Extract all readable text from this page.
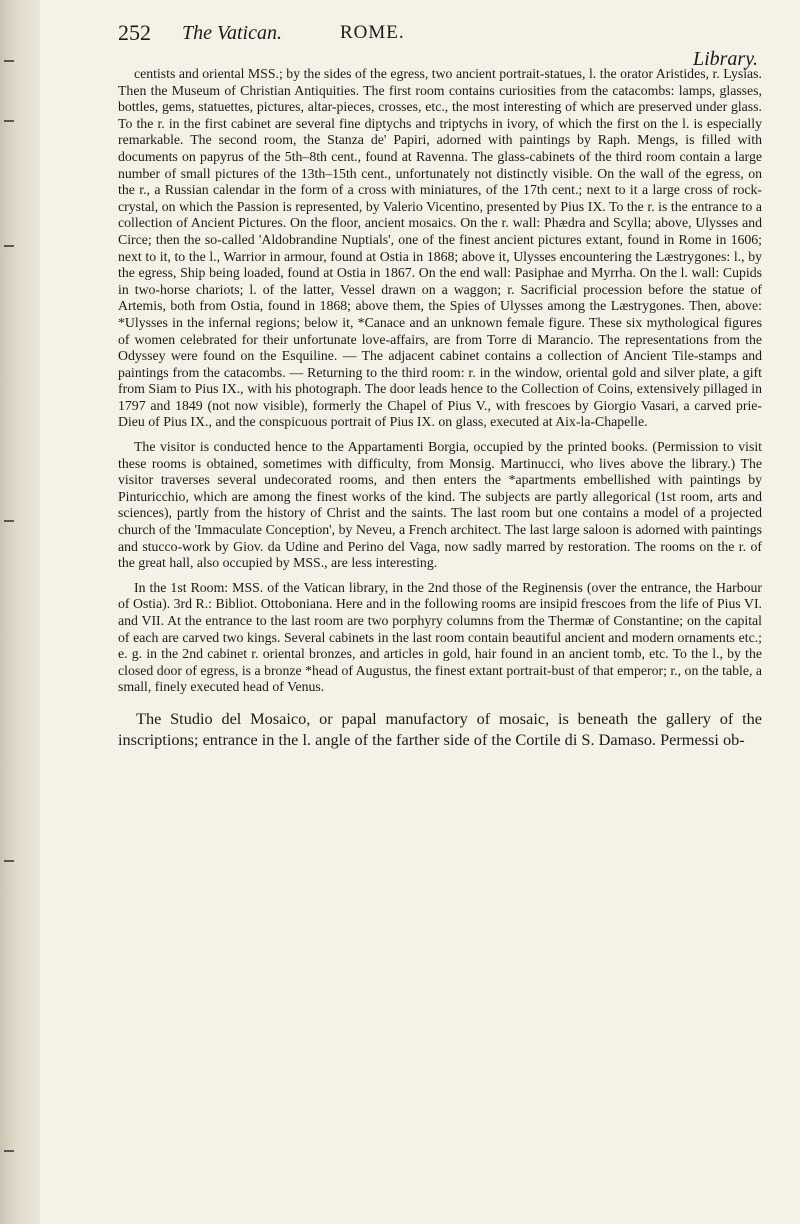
252 The Vatican.	ROME.
Library.

centists and oriental MSS.; by the sides of the egress, two ancient portrait-statues, l. the orator Aristides, r. Lysias. Then the Museum of Christian Antiquities. The first room contains curiosities from the catacombs: lamps, glasses, bottles, gems, statuettes, pictures, altar-pieces, crosses, etc., the most interesting of which are preserved under glass. To the r. in the first cabinet are several fine diptychs and triptychs in ivory, of which the first on the l. is especially remarkable. The second room, the Stanza de' Papiri, adorned with paintings by Raph. Mengs, is filled with documents on papyrus of the 5th–8th cent., found at Ravenna. The glass-cabinets of the third room contain a large number of small pictures of the 13th–15th cent., unfortunately not distinctly visible. On the wall of the egress, on the r., a Russian calendar in the form of a cross with miniatures, of the 17th cent.; next to it a large cross of rock-crystal, on which the Passion is represented, by Valerio Vicentino, presented by Pius IX. To the r. is the entrance to a collection of Ancient Pictures. On the floor, ancient mosaics. On the r. wall: Phædra and Scylla; above, Ulysses and Circe; then the so-called 'Aldobrandine Nuptials', one of the finest ancient pictures extant, found in Rome in 1606; next to it, to the l., Warrior in armour, found at Ostia in 1868; above it, Ulysses encountering the Læstrygones: l., by the egress, Ship being loaded, found at Ostia in 1867. On the end wall: Pasiphae and Myrrha. On the l. wall: Cupids in two-horse chariots; l. of the latter, Vessel drawn on a waggon; r. Sacrificial procession before the statue of Artemis, both from Ostia, found in 1868; above them, the Spies of Ulysses among the Læstrygones. Then, above: *Ulysses in the infernal regions; below it, *Canace and an unknown female figure. These six mythological figures of women celebrated for their unfortunate love-affairs, are from Torre di Marancio. The representations from the Odyssey were found on the Esquiline. — The adjacent cabinet contains a collection of Ancient Tile-stamps and paintings from the catacombs. — Returning to the third room: r. in the window, oriental gold and silver plate, a gift from Siam to Pius IX., with his photograph. The door leads hence to the Collection of Coins, extensively pillaged in 1797 and 1849 (not now visible), formerly the Chapel of Pius V., with frescoes by Giorgio Vasari, a carved prie-Dieu of Pius IX., and the conspicuous portrait of Pius IX. on glass, executed at Aix-la-Chapelle.

The visitor is conducted hence to the Appartamenti Borgia, occupied by the printed books. (Permission to visit these rooms is obtained, sometimes with difficulty, from Monsig. Martinucci, who lives above the library.) The visitor traverses several undecorated rooms, and then enters the *apartments embellished with paintings by Pinturicchio, which are among the finest works of the kind. The subjects are partly allegorical (1st room, arts and sciences), partly from the history of Christ and the saints. The last room but one contains a model of a projected church of the 'Immaculate Conception', by Neveu, a French architect. The last large saloon is adorned with paintings and stucco-work by Giov. da Udine and Perino del Vaga, now sadly marred by restoration. The rooms on the r. of the great hall, also occupied by MSS., are less interesting.

In the 1st Room: MSS. of the Vatican library, in the 2nd those of the Reginensis (over the entrance, the Harbour of Ostia). 3rd R.: Bibliot. Ottoboniana. Here and in the following rooms are insipid frescoes from the life of Pius VI. and VII. At the entrance to the last room are two porphyry columns from the Thermæ of Constantine; on the capital of each are carved two kings. Several cabinets in the last room contain beautiful ancient and modern ornaments etc.; e. g. in the 2nd cabinet r. oriental bronzes, and articles in gold, hair found in an ancient tomb, etc. To the l., by the closed door of egress, is a bronze *head of Augustus, the finest extant portrait-bust of that emperor; r., on the table, a small, finely executed head of Venus.

The Studio del Mosaico, or papal manufactory of mosaic, is beneath the gallery of the inscriptions; entrance in the l. angle of the farther side of the Cortile di S. Damaso. Permessi ob-
